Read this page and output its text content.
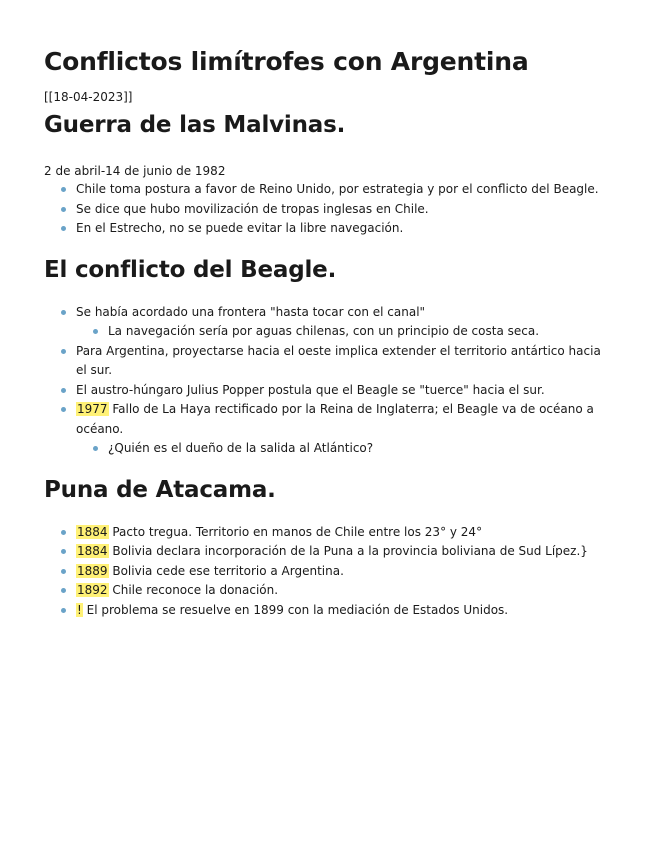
Conflictos limítrofes con Argentina
[[18-04-2023]]
Guerra de las Malvinas.
2 de abril-14 de junio de 1982
Chile toma postura a favor de Reino Unido, por estrategia y por el conflicto del Beagle.
Se dice que hubo movilización de tropas inglesas en Chile.
En el Estrecho, no se puede evitar la libre navegación.
El conflicto del Beagle.
Se había acordado una frontera "hasta tocar con el canal"
La navegación sería por aguas chilenas, con un principio de costa seca.
Para Argentina, proyectarse hacia el oeste implica extender el territorio antártico hacia el sur.
El austro-húngaro Julius Popper postula que el Beagle se "tuerce" hacia el sur.
1977 Fallo de La Haya rectificado por la Reina de Inglaterra; el Beagle va de océano a océano.
¿Quién es el dueño de la salida al Atlántico?
Puna de Atacama.
1884 Pacto tregua. Territorio en manos de Chile entre los 23° y 24°
1884 Bolivia declara incorporación de la Puna a la provincia boliviana de Sud Lípez.}
1889 Bolivia cede ese territorio a Argentina.
1892 Chile reconoce la donación.
! El problema se resuelve en 1899 con la mediación de Estados Unidos.
